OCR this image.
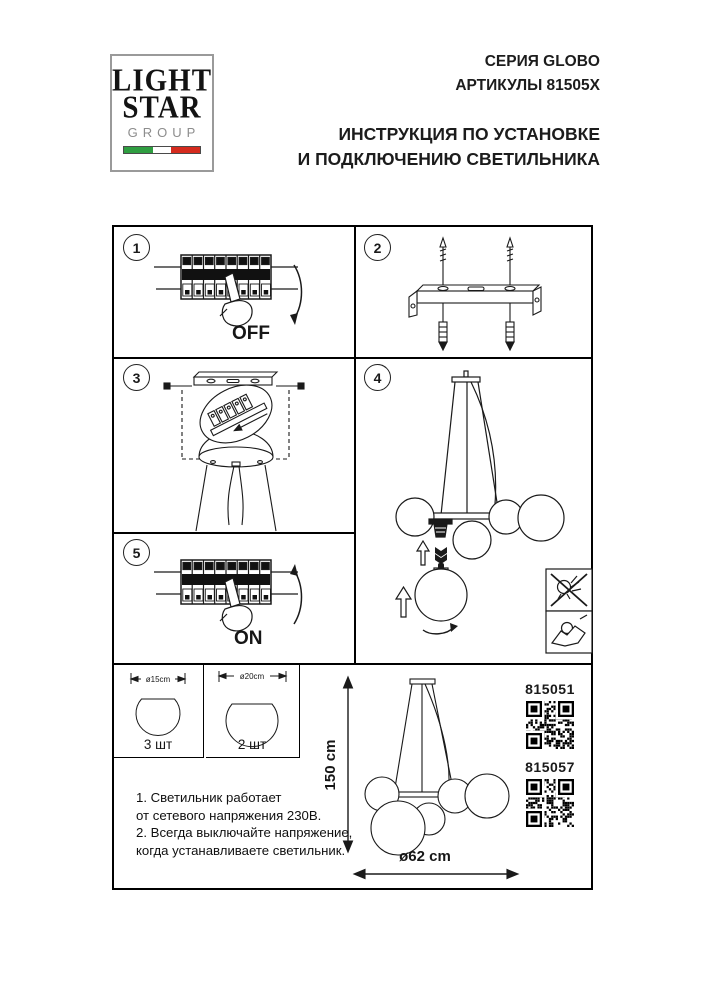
LIGHT
STAR
GROUP
СЕРИЯ GLOBO
АРТИКУЛЫ 81505X
ИНСТРУКЦИЯ ПО УСТАНОВКЕ
И ПОДКЛЮЧЕНИЮ СВЕТИЛЬНИКА
1
OFF
2
3	4
5
ON
ø15cm
3 шт
ø20cm
2 шт
1. Светильник работает
от сетевого напряжения 230В.
2. Всегда выключайте напряжение,
когда устанавливаете светильник.
150 cm
ø62 cm
815051
815057
